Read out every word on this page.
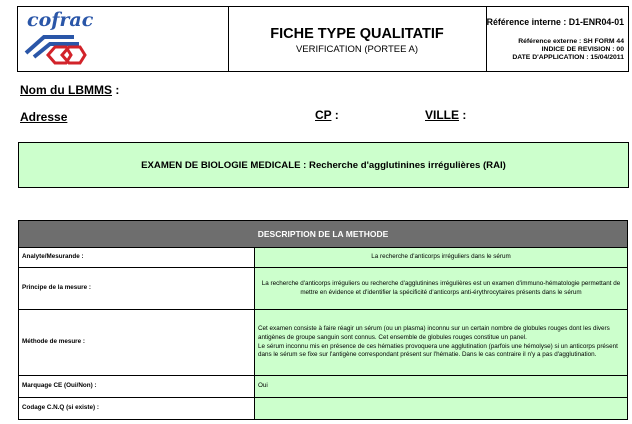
cofrac
FICHE TYPE QUALITATIF
VERIFICATION (PORTEE A)
Référence interne : D1-ENR04-01
Référence externe : SH FORM 44
INDICE DE REVISION : 00
DATE D'APPLICATION : 15/04/2011
Nom du LBMMS :
Adresse	CP :	VILLE :
EXAMEN DE BIOLOGIE MEDICALE : Recherche d'agglutinines irrégulières (RAI)
DESCRIPTION DE LA METHODE	
Analyte/Mesurande :	La recherche d'anticorps irréguliers dans le sérum
Principe de la mesure :	La recherche d'anticorps irréguliers ou recherche d'agglutinines irrégulières est un examen d'immuno-hématologie permettant de mettre en évidence et d'identifier la spécificité d'anticorps anti-érythrocytaires présents dans le sérum
Méthode de mesure :	Cet examen consiste à faire réagir un sérum (ou un plasma) inconnu sur un certain nombre de globules rouges dont les divers antigènes de groupe sanguin sont connus. Cet ensemble de globules rouges constitue un panel.
Le sérum inconnu mis en présence de ces hématies provoquera une agglutination (parfois une hémolyse) si un anticorps présent dans le sérum se fixe sur l'antigène correspondant présent sur l'hématie. Dans le cas contraire il n'y a pas d'agglutination.

Marquage CE (Oui/Non) :	Oui
Codage C.N.Q (si existe) :	
